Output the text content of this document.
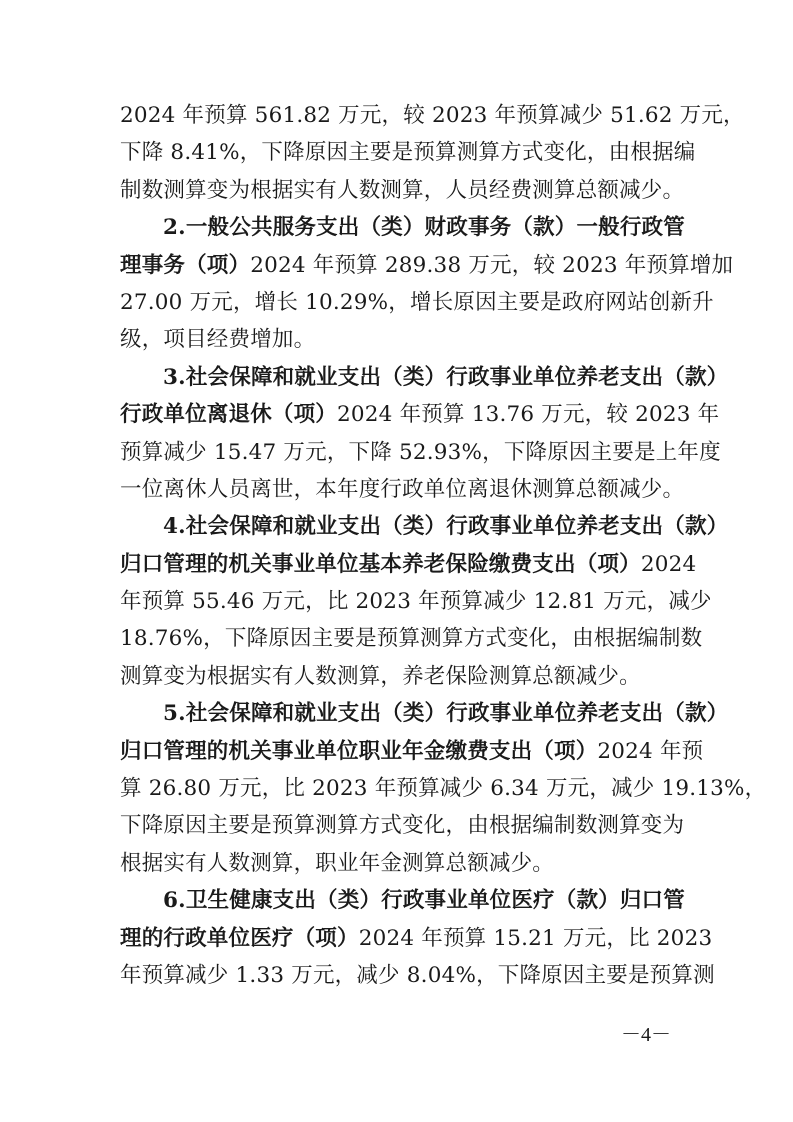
2024 年预算 561.82 万元，较 2023 年预算减少 51.62 万元，
下降 8.41%，下降原因主要是预算测算方式变化，由根据编
制数测算变为根据实有人数测算，人员经费测算总额减少。
2.一般公共服务支出（类）财政事务（款）一般行政管
理事务（项）2024 年预算 289.38 万元，较 2023 年预算增加
27.00 万元，增长 10.29%，增长原因主要是政府网站创新升
级，项目经费增加。
3.社会保障和就业支出（类）行政事业单位养老支出（款）
行政单位离退休（项）2024 年预算 13.76 万元，较 2023 年
预算减少 15.47 万元，下降 52.93%，下降原因主要是上年度
一位离休人员离世，本年度行政单位离退休测算总额减少。
4.社会保障和就业支出（类）行政事业单位养老支出（款）
归口管理的机关事业单位基本养老保险缴费支出（项）2024
年预算 55.46 万元，比 2023 年预算减少 12.81 万元，减少
18.76%，下降原因主要是预算测算方式变化，由根据编制数
测算变为根据实有人数测算，养老保险测算总额减少。
5.社会保障和就业支出（类）行政事业单位养老支出（款）
归口管理的机关事业单位职业年金缴费支出（项）2024 年预
算 26.80 万元，比 2023 年预算减少 6.34 万元，减少 19.13%，
下降原因主要是预算测算方式变化，由根据编制数测算变为
根据实有人数测算，职业年金测算总额减少。
6.卫生健康支出（类）行政事业单位医疗（款）归口管
理的行政单位医疗（项）2024 年预算 15.21 万元，比 2023
年预算减少 1.33 万元，减少 8.04%，下降原因主要是预算测
－4－
